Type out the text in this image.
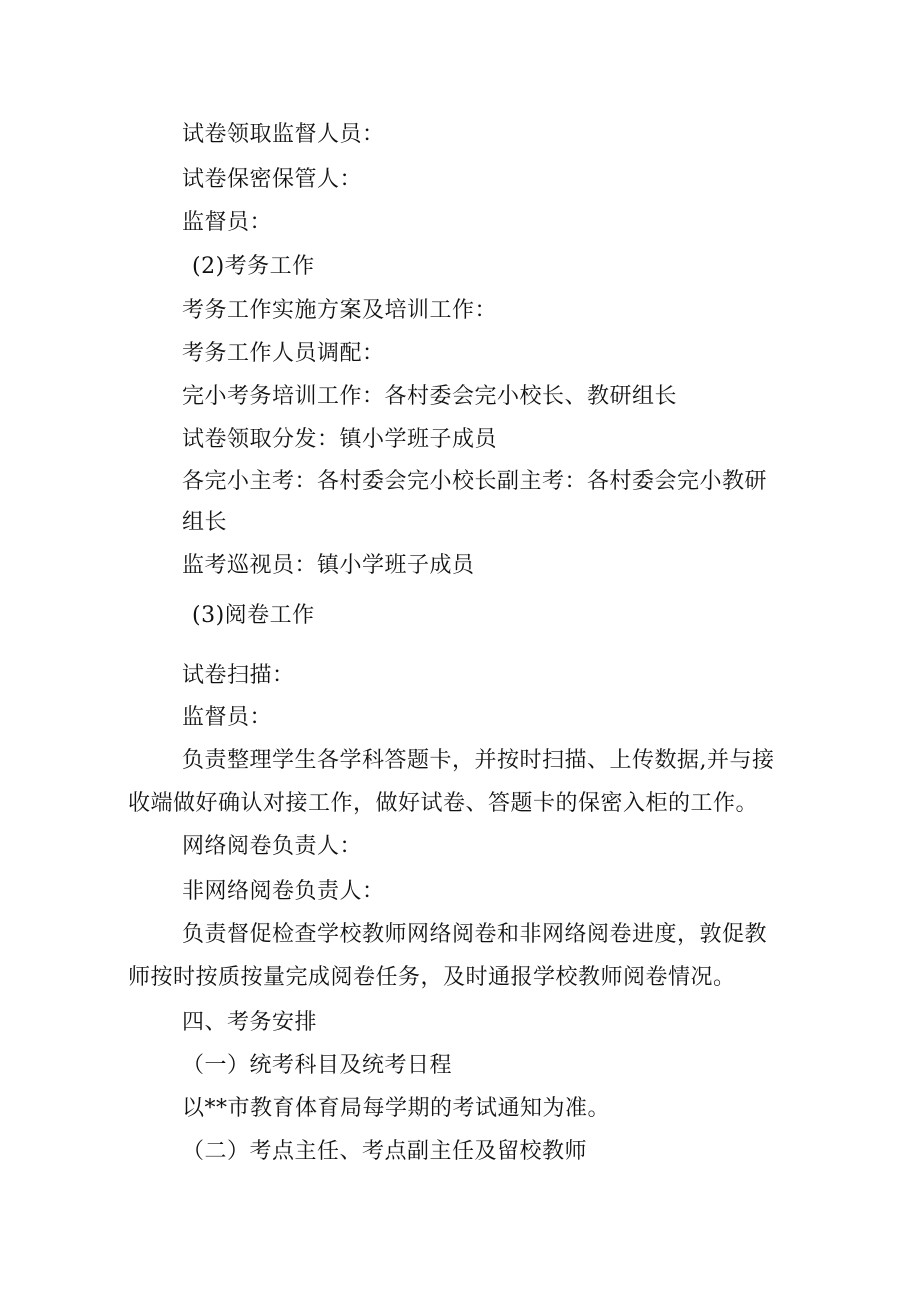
试卷领取监督人员：
试卷保密保管人：
监督员：
(2)考务工作
考务工作实施方案及培训工作：
考务工作人员调配：
完小考务培训工作：各村委会完小校长、教研组长
试卷领取分发：镇小学班子成员
各完小主考：各村委会完小校长副主考：各村委会完小教研
组长
监考巡视员：镇小学班子成员
(3)阅卷工作
试卷扫描：
监督员：
负责整理学生各学科答题卡，并按时扫描、上传数据,并与接
收端做好确认对接工作，做好试卷、答题卡的保密入柜的工作。
网络阅卷负责人：
非网络阅卷负责人：
负责督促检查学校教师网络阅卷和非网络阅卷进度，敦促教
师按时按质按量完成阅卷任务，及时通报学校教师阅卷情况。
四、考务安排
（一）统考科目及统考日程
以**市教育体育局每学期的考试通知为准。
（二）考点主任、考点副主任及留校教师
